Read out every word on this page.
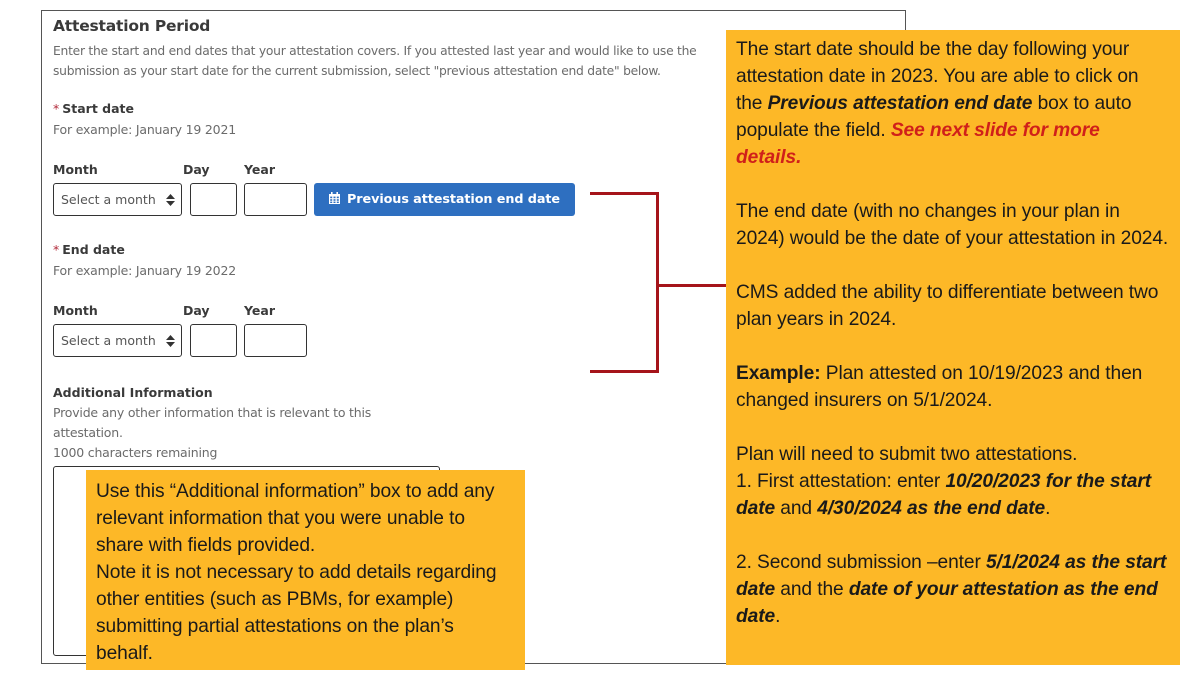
Attestation Period
Enter the start and end dates that your attestation covers. If you attested last year and would like to use the submission as your start date for the current submission, select "previous attestation end date" below.
* Start date
For example: January 19 2021
Month	Day	Year
Select a month	Previous attestation end date
* End date
For example: January 19 2022
Month	Day	Year
Select a month
Additional Information
Provide any other information that is relevant to this
attestation.
1000 characters remaining

The start date should be the day following your attestation date in 2023. You are able to click on the Previous attestation end date box to auto populate the field. See next slide for more details.

The end date (with no changes in your plan in 2024) would be the date of your attestation in 2024.

CMS added the ability to differentiate between two plan years in 2024.

Example: Plan attested on 10/19/2023 and then changed insurers on 5/1/2024.

Plan will need to submit two attestations.

1. First attestation: enter 10/20/2023 for the start date and 4/30/2024 as the end date.

2. Second submission –enter 5/1/2024 as the start date and the date of your attestation as the end date.

Use this “Additional information” box to add any relevant information that you were unable to share with fields provided.
Note it is not necessary to add details regarding other entities (such as PBMs, for example) submitting partial attestations on the plan’s behalf.
